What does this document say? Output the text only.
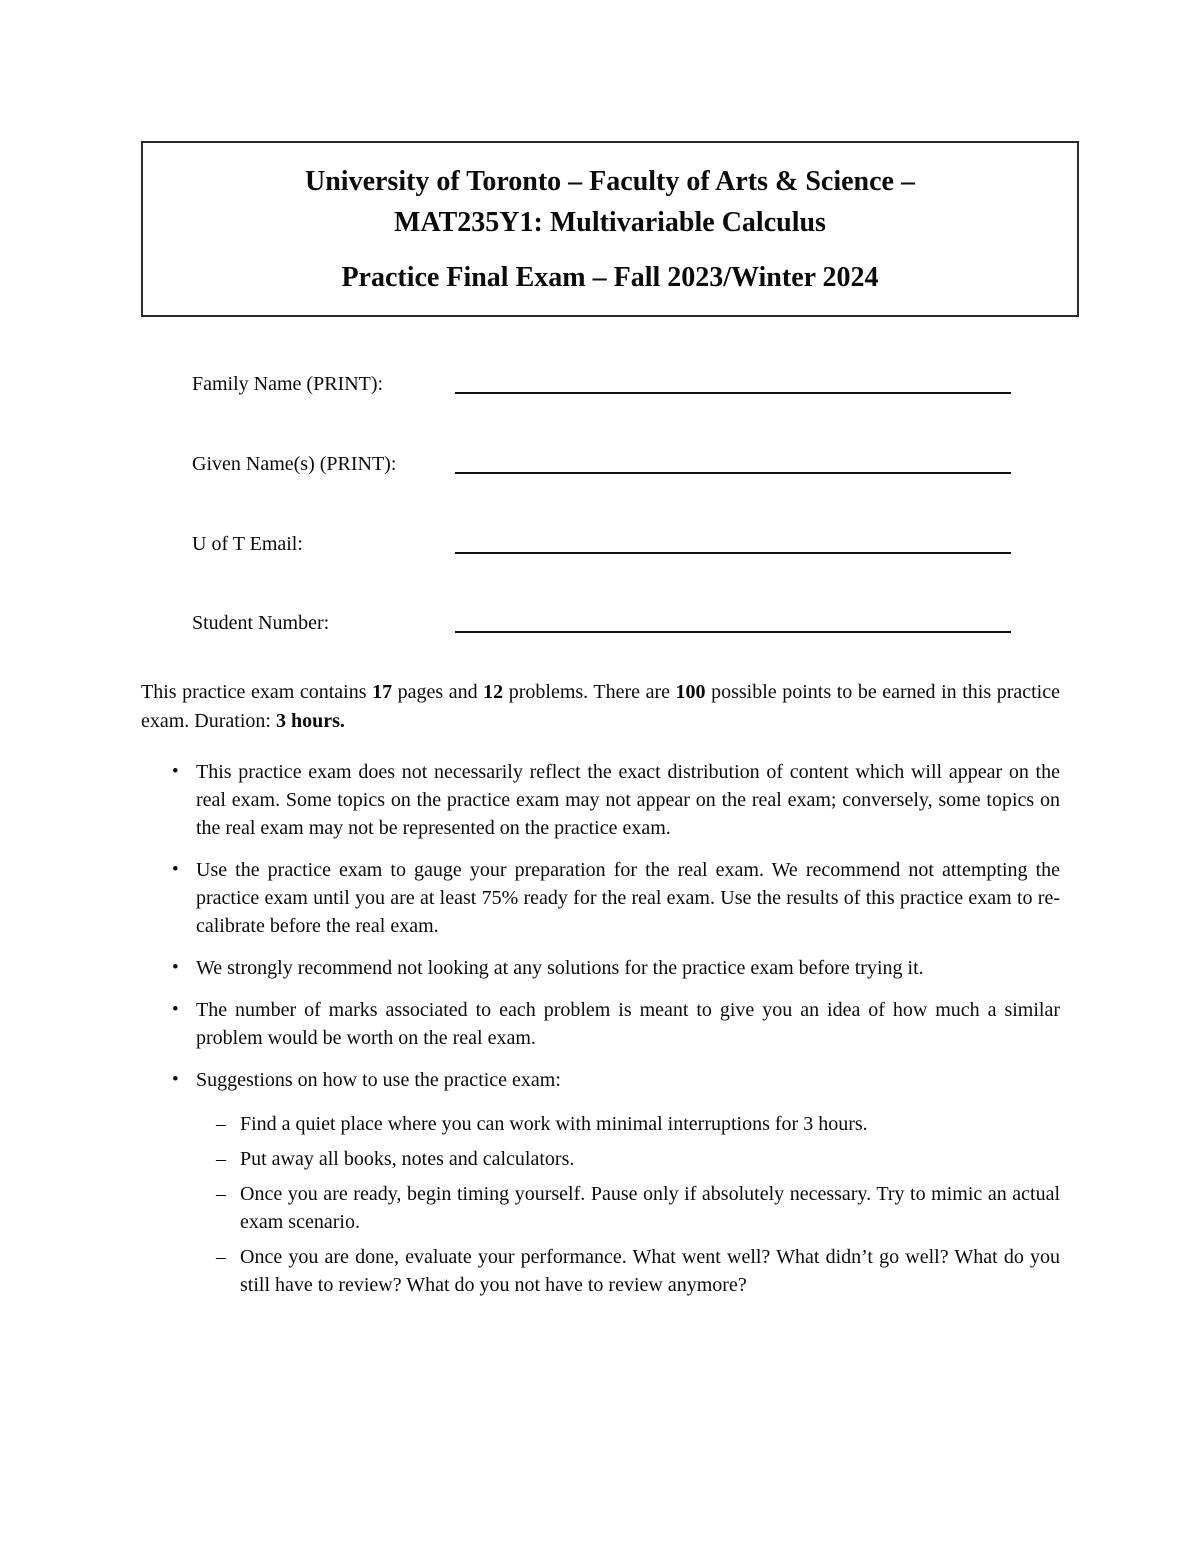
University of Toronto – Faculty of Arts & Science –
MAT235Y1: Multivariable Calculus
Practice Final Exam – Fall 2023/Winter 2024
Family Name (PRINT):
Given Name(s) (PRINT):
U of T Email:
Student Number:

This practice exam contains 17 pages and 12 problems. There are 100 possible points to be earned in this practice exam. Duration: 3 hours.

• This practice exam does not necessarily reflect the exact distribution of content which will appear on the real exam. Some topics on the practice exam may not appear on the real exam; conversely, some topics on the real exam may not be represented on the practice exam.
• Use the practice exam to gauge your preparation for the real exam. We recommend not attempting the practice exam until you are at least 75% ready for the real exam. Use the results of this practice exam to re-calibrate before the real exam.
• We strongly recommend not looking at any solutions for the practice exam before trying it.
• The number of marks associated to each problem is meant to give you an idea of how much a similar problem would be worth on the real exam.
• Suggestions on how to use the practice exam:
– Find a quiet place where you can work with minimal interruptions for 3 hours.
– Put away all books, notes and calculators.
– Once you are ready, begin timing yourself. Pause only if absolutely necessary. Try to mimic an actual exam scenario.
– Once you are done, evaluate your performance. What went well? What didn’t go well? What do you still have to review? What do you not have to review anymore?
